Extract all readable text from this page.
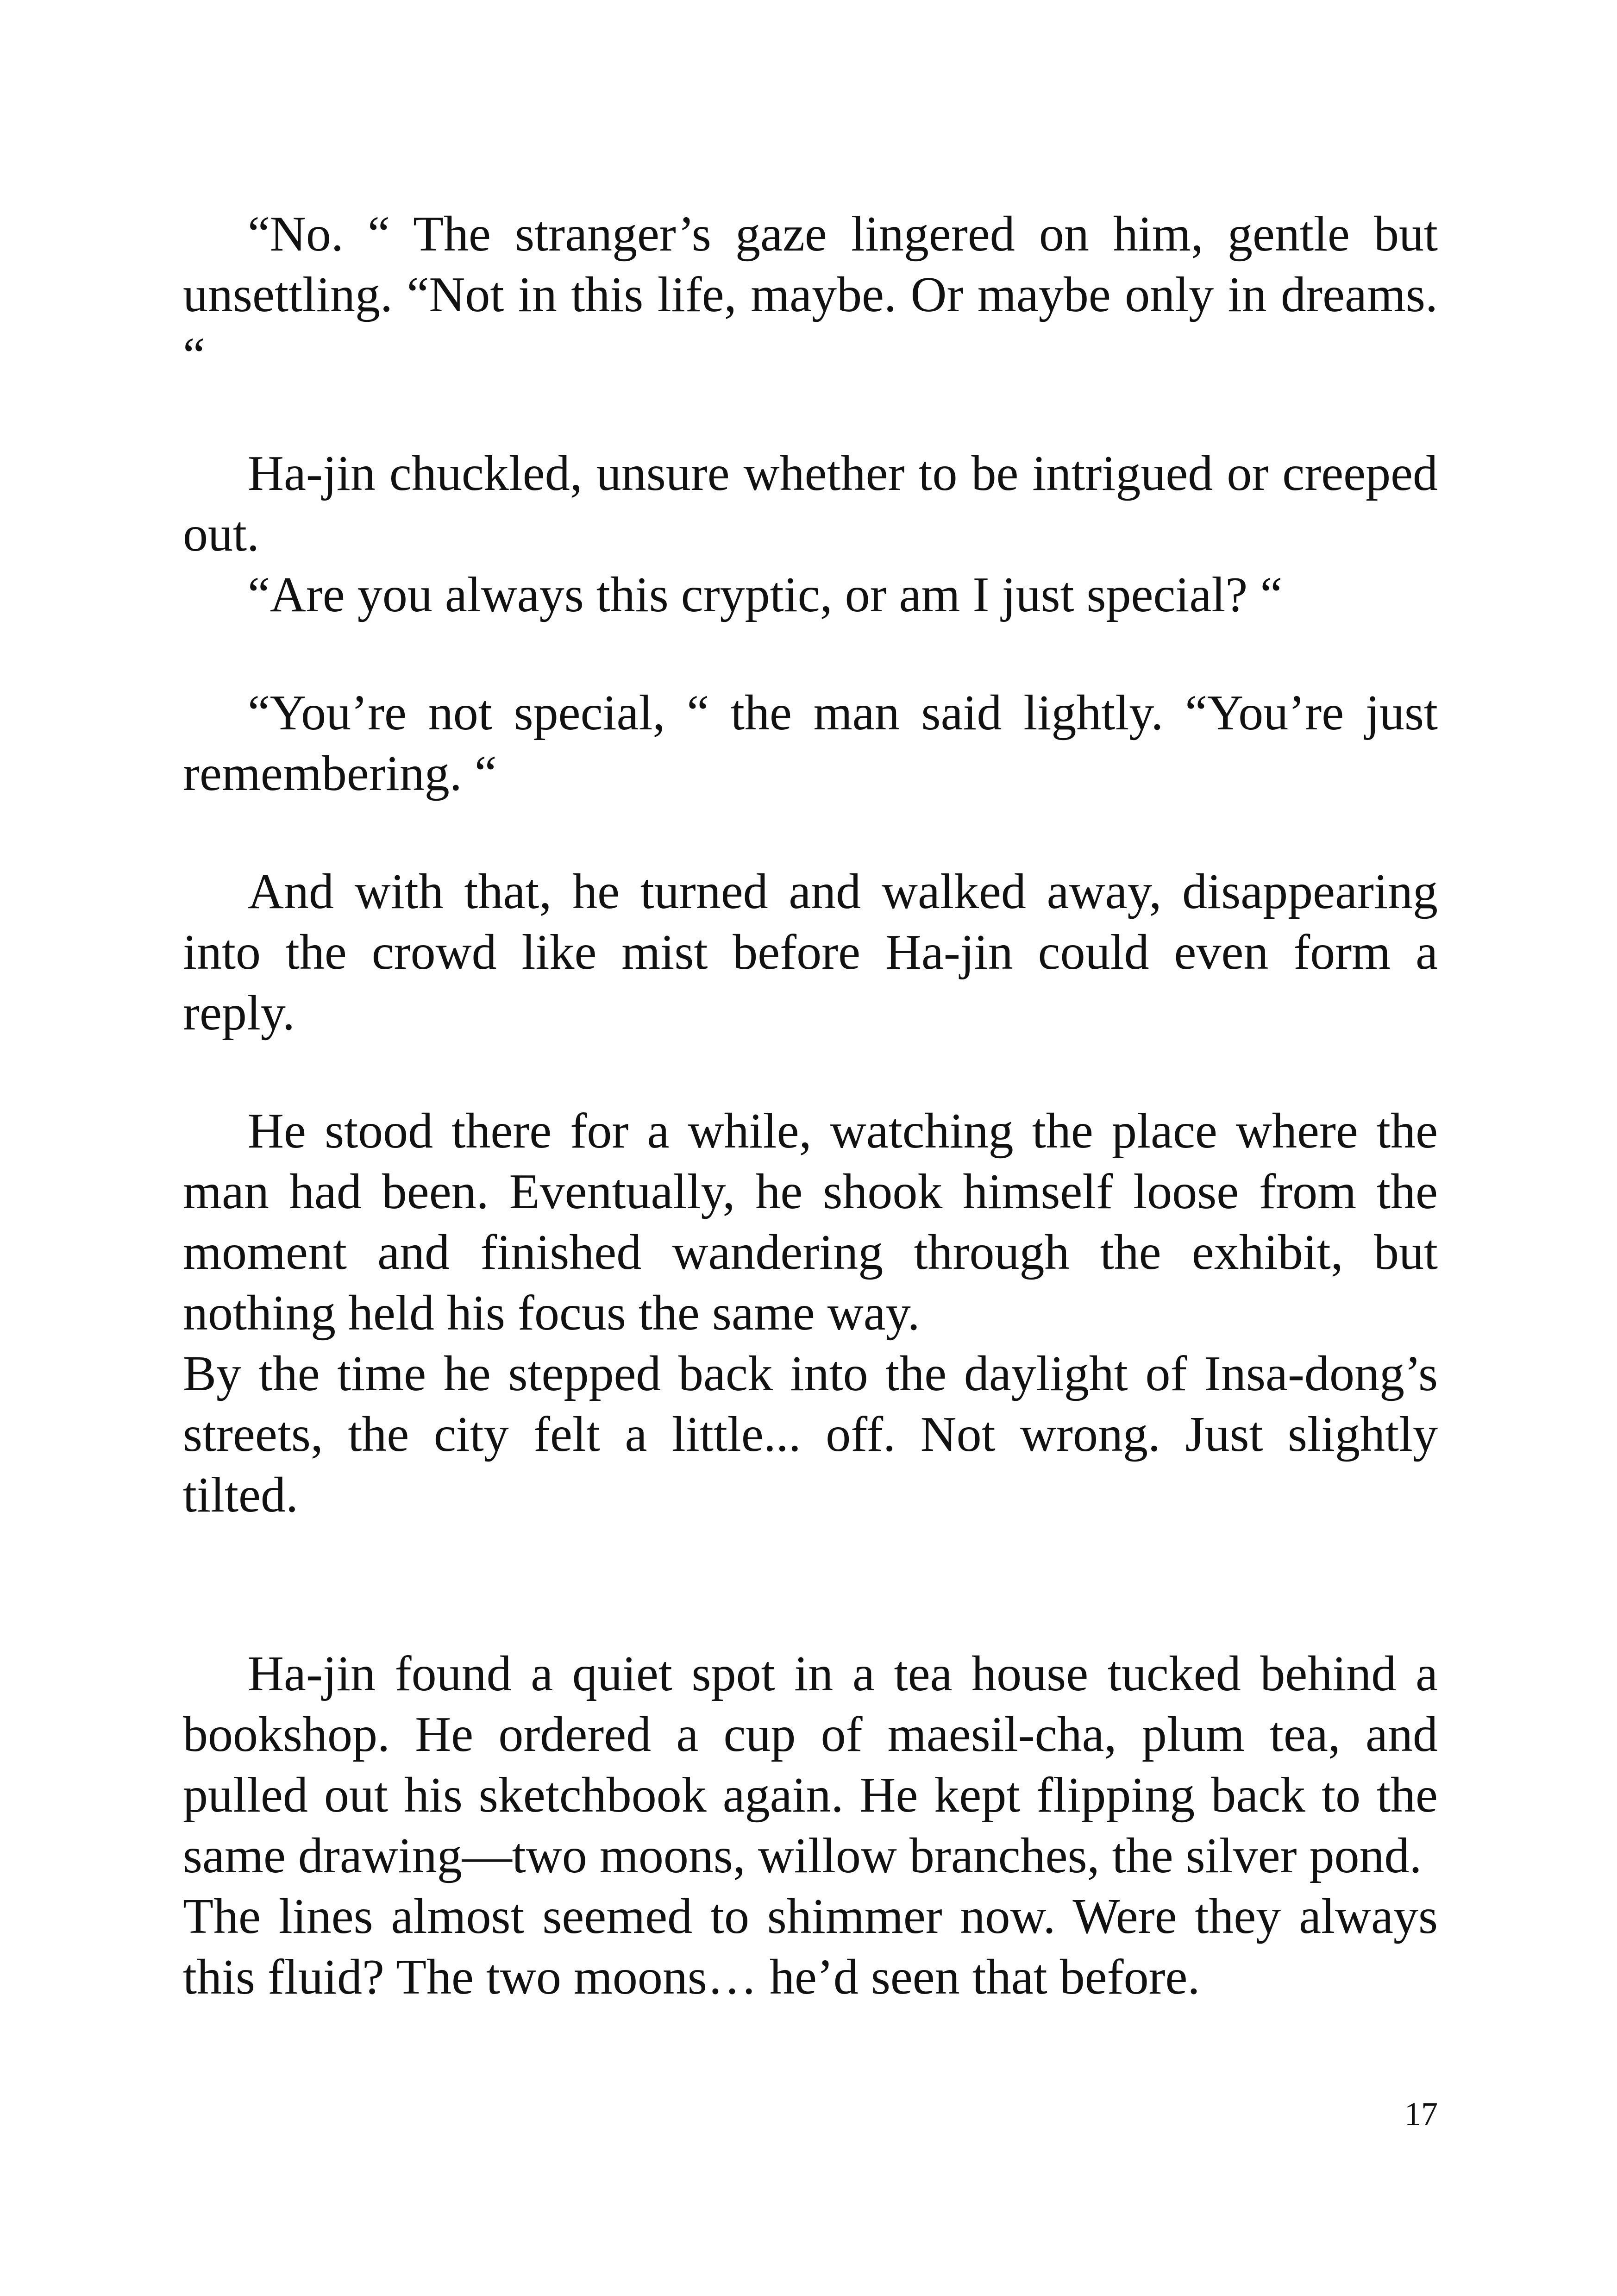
“No. “ The stranger’s gaze lingered on him, gentle but unsettling. “Not in this life, maybe. Or maybe only in dreams. “

Ha-jin chuckled, unsure whether to be intrigued or creeped out.

“Are you always this cryptic, or am I just special? “

“You’re not special, “ the man said lightly. “You’re just remembering. “

And with that, he turned and walked away, disappearing into the crowd like mist before Ha-jin could even form a reply.

He stood there for a while, watching the place where the man had been. Eventually, he shook himself loose from the moment and finished wandering through the exhibit, but nothing held his focus the same way.

By the time he stepped back into the daylight of Insa-dong’s streets, the city felt a little... off. Not wrong. Just slightly tilted.

Ha-jin found a quiet spot in a tea house tucked behind a bookshop. He ordered a cup of maesil-cha, plum tea, and pulled out his sketchbook again. He kept flipping back to the same drawing—two moons, willow branches, the silver pond.

The lines almost seemed to shimmer now. Were they always this fluid? The two moons… he’d seen that before.

17
